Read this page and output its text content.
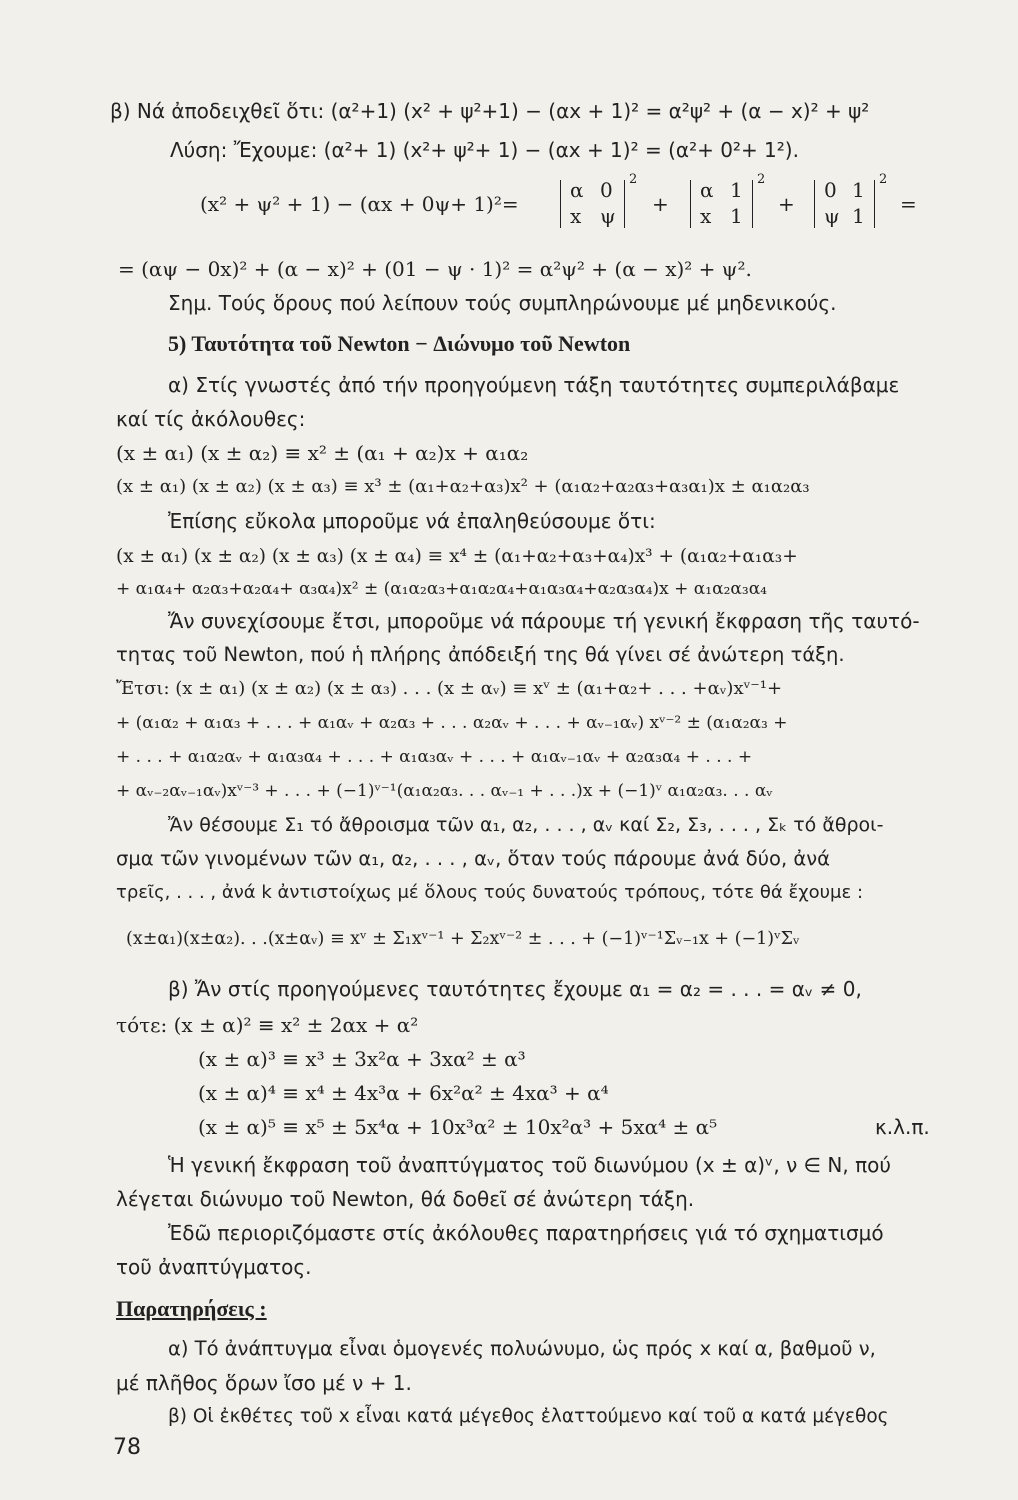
β) Νά ἀποδειχθεῖ ὅτι: (α²+1) (x² + ψ²+1) − (αx + 1)² = α²ψ² + (α − x)² + ψ²
Λύση: Ἔχουμε: (α²+ 1) (x²+ ψ²+ 1) − (αx + 1)² = (α²+ 0²+ 1²).
(x² + ψ² + 1) − (αx + 0ψ+ 1)²=
α 0
x ψ
2
+
α 1
x 1
2
+
0 1
ψ 1
2
=
= (αψ − 0x)² + (α − x)² + (01 − ψ · 1)² = α²ψ² + (α − x)² + ψ².
Σημ. Τούς ὅρους πού λείπουν τούς συμπληρώνουμε μέ μηδενικούς.
5) Ταυτότητα τοῦ Newton − Διώνυμο τοῦ Newton
α) Στίς γνωστές ἀπό τήν προηγούμενη τάξη ταυτότητες συμπεριλάβαμε
καί τίς ἀκόλουθες:
(x ± α₁) (x ± α₂) ≡ x² ± (α₁ + α₂)x + α₁α₂
(x ± α₁) (x ± α₂) (x ± α₃) ≡ x³ ± (α₁+α₂+α₃)x² + (α₁α₂+α₂α₃+α₃α₁)x ± α₁α₂α₃
Ἐπίσης εὔκολα μποροῦμε νά ἐπαληθεύσουμε ὅτι:
(x ± α₁) (x ± α₂) (x ± α₃) (x ± α₄) ≡ x⁴ ± (α₁+α₂+α₃+α₄)x³ + (α₁α₂+α₁α₃+
+ α₁α₄+ α₂α₃+α₂α₄+ α₃α₄)x² ± (α₁α₂α₃+α₁α₂α₄+α₁α₃α₄+α₂α₃α₄)x + α₁α₂α₃α₄
Ἄν συνεχίσουμε ἔτσι, μποροῦμε νά πάρουμε τή γενική ἔκφραση τῆς ταυτό-
τητας τοῦ Newton, πού ἡ πλήρης ἀπόδειξή της θά γίνει σέ ἀνώτερη τάξη.
Ἔτσι: (x ± α₁) (x ± α₂) (x ± α₃) . . . (x ± αᵥ) ≡ xᵛ ± (α₁+α₂+ . . . +αᵥ)xᵛ⁻¹+
+ (α₁α₂ + α₁α₃ + . . . + α₁αᵥ + α₂α₃ + . . . α₂αᵥ + . . . + αᵥ₋₁αᵥ) xᵛ⁻² ± (α₁α₂α₃ +
+ . . . + α₁α₂αᵥ + α₁α₃α₄ + . . . + α₁α₃αᵥ + . . . + α₁αᵥ₋₁αᵥ + α₂α₃α₄ + . . . +
+ αᵥ₋₂αᵥ₋₁αᵥ)xᵛ⁻³ + . . . + (−1)ᵛ⁻¹(α₁α₂α₃. . . αᵥ₋₁ + . . .)x + (−1)ᵛ α₁α₂α₃. . . αᵥ
Ἄν θέσουμε Σ₁ τό ἄθροισμα τῶν α₁, α₂, . . . , αᵥ καί Σ₂, Σ₃, . . . , Σₖ τό ἄθροι-
σμα τῶν γινομένων τῶν α₁, α₂, . . . , αᵥ, ὅταν τούς πάρουμε ἀνά δύο, ἀνά
τρεῖς, . . . , ἀνά k ἀντιστοίχως μέ ὅλους τούς δυνατούς τρόπους, τότε θά ἔχουμε :
(x±α₁)(x±α₂). . .(x±αᵥ) ≡ xᵛ ± Σ₁xᵛ⁻¹ + Σ₂xᵛ⁻² ± . . . + (−1)ᵛ⁻¹Σᵥ₋₁x + (−1)ᵛΣᵥ
β) Ἄν στίς προηγούμενες ταυτότητες ἔχουμε α₁ = α₂ = . . . = αᵥ ≠ 0,
τότε: (x ± α)² ≡ x² ± 2αx + α²
(x ± α)³ ≡ x³ ± 3x²α + 3xα² ± α³
(x ± α)⁴ ≡ x⁴ ± 4x³α + 6x²α² ± 4xα³ + α⁴
(x ± α)⁵ ≡ x⁵ ± 5x⁴α + 10x³α² ± 10x²α³ + 5xα⁴ ± α⁵	κ.λ.π.
Ἡ γενική ἔκφραση τοῦ ἀναπτύγματος τοῦ διωνύμου (x ± α)ᵛ, ν ∈ N, πού
λέγεται διώνυμο τοῦ Newton, θά δοθεῖ σέ ἀνώτερη τάξη.
Ἐδῶ περιοριζόμαστε στίς ἀκόλουθες παρατηρήσεις γιά τό σχηματισμό
τοῦ ἀναπτύγματος.
Παρατηρήσεις :
α) Τό ἀνάπτυγμα εἶναι ὁμογενές πολυώνυμο, ὡς πρός x καί α, βαθμοῦ ν,
μέ πλῆθος ὅρων ἴσο μέ ν + 1.
β) Οἱ ἐκθέτες τοῦ x εἶναι κατά μέγεθος ἐλαττούμενο καί τοῦ α κατά μέγεθος
78
